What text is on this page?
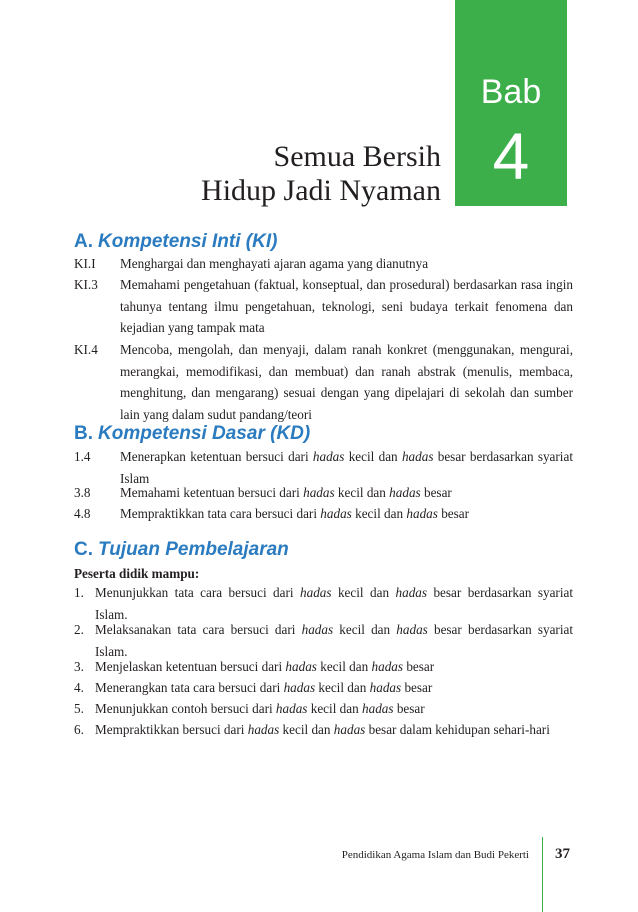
Bab
4
Semua Bersih
Hidup Jadi Nyaman
A. Kompetensi Inti (KI)
KI.I Menghargai dan menghayati ajaran agama yang dianutnya
KI.3 Memahami pengetahuan (faktual, konseptual, dan prosedural) berdasarkan rasa ingin tahunya tentang ilmu pengetahuan, teknologi, seni budaya terkait fenomena dan kejadian yang tampak mata
KI.4 Mencoba, mengolah, dan menyaji, dalam ranah konkret (menggunakan, mengurai, merangkai, memodifikasi, dan membuat) dan ranah abstrak (menulis, membaca, menghitung, dan mengarang) sesuai dengan yang dipelajari di sekolah dan sumber lain yang dalam sudut pandang/teori
B. Kompetensi Dasar (KD)
1.4 Menerapkan ketentuan bersuci dari hadas kecil dan hadas besar berdasarkan syariat Islam
3.8 Memahami ketentuan bersuci dari hadas kecil dan hadas besar
4.8 Mempraktikkan tata cara bersuci dari hadas kecil dan hadas besar
C. Tujuan Pembelajaran
Peserta didik mampu:
1. Menunjukkan tata cara bersuci dari hadas kecil dan hadas besar berdasarkan syariat Islam.
2. Melaksanakan tata cara bersuci dari hadas kecil dan hadas besar berdasarkan syariat Islam.
3. Menjelaskan ketentuan bersuci dari hadas kecil dan hadas besar
4. Menerangkan tata cara bersuci dari hadas kecil dan hadas besar
5. Menunjukkan contoh bersuci dari hadas kecil dan hadas besar
6. Mempraktikkan bersuci dari hadas kecil dan hadas besar dalam kehidupan sehari-hari
Pendidikan Agama Islam dan Budi Pekerti 37
